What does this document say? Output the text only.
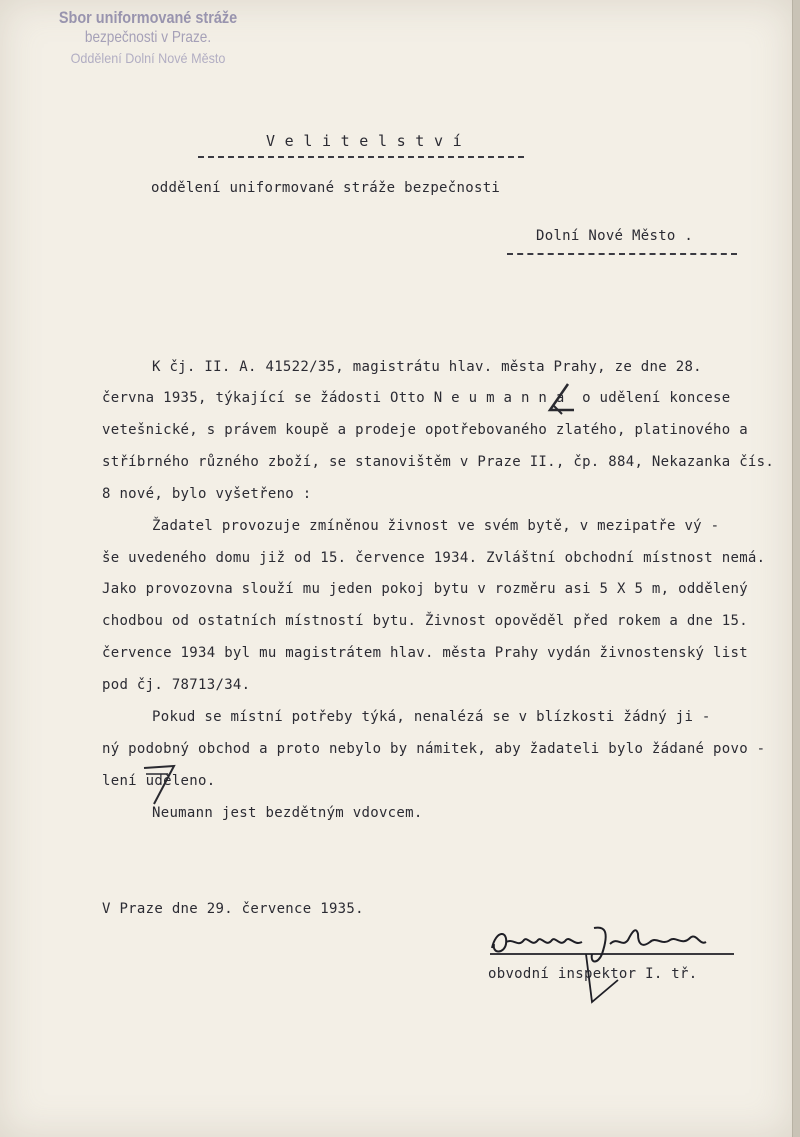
Sbor uniformované stráže
bezpečnosti v Praze.
Oddělení Dolní Nové Město
V e l i t e l s t v í
oddělení uniformované stráže bezpečnosti
Dolní Nové Město .
K čj. II. A. 41522/35, magistrátu hlav. města Prahy, ze dne 28.
června 1935, týkající se žádosti Otto N e u m a n n a  o udělení koncese
vetešnické, s právem koupě a prodeje opotřebovaného zlatého, platinového a
stříbrného různého zboží, se stanovištěm v Praze II., čp. 884, Nekazanka čís.
8 nové, bylo vyšetřeno :
Žadatel provozuje zmíněnou živnost ve svém bytě, v mezipatře vý -
še uvedeného domu již od 15. července 1934. Zvláštní obchodní místnost nemá.
Jako provozovna slouží mu jeden pokoj bytu v rozměru asi 5 X 5 m, oddělený
chodbou od ostatních místností bytu. Živnost opověděl před rokem a dne 15.
července 1934 byl mu magistrátem hlav. města Prahy vydán živnostenský list
pod čj. 78713/34.
Pokud se místní potřeby týká, nenalézá se v blízkosti žádný ji -
ný podobný obchod a proto nebylo by námitek, aby žadateli bylo žádané povo -
lení uděleno.
Neumann jest bezdětným vdovcem.
V Praze dne 29. července 1935.
obvodní inspektor I. tř.
